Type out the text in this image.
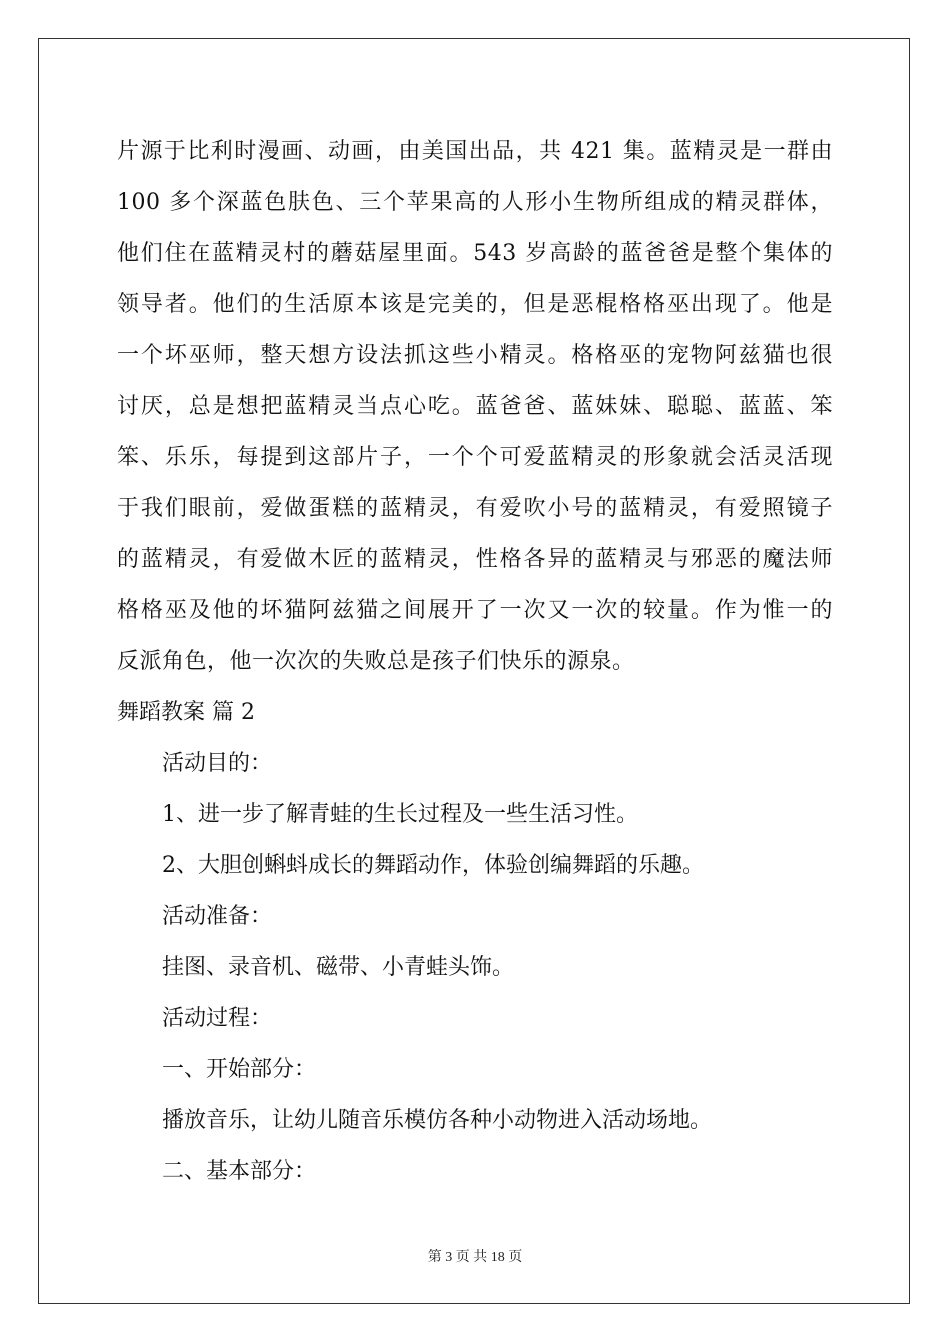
片源于比利时漫画、动画，由美国出品，共 421 集。蓝精灵是一群由

100 多个深蓝色肤色、三个苹果高的人形小生物所组成的精灵群体，

他们住在蓝精灵村的蘑菇屋里面。543 岁高龄的蓝爸爸是整个集体的

领导者。他们的生活原本该是完美的，但是恶棍格格巫出现了。他是

一个坏巫师，整天想方设法抓这些小精灵。格格巫的宠物阿兹猫也很

讨厌，总是想把蓝精灵当点心吃。蓝爸爸、蓝妹妹、聪聪、蓝蓝、笨

笨、乐乐，每提到这部片子，一个个可爱蓝精灵的形象就会活灵活现

于我们眼前，爱做蛋糕的蓝精灵，有爱吹小号的蓝精灵，有爱照镜子

的蓝精灵，有爱做木匠的蓝精灵，性格各异的蓝精灵与邪恶的魔法师

格格巫及他的坏猫阿兹猫之间展开了一次又一次的较量。作为惟一的

反派角色，他一次次的失败总是孩子们快乐的源泉。

舞蹈教案 篇 2

活动目的：

1、进一步了解青蛙的生长过程及一些生活习性。

2、大胆创蝌蚪成长的舞蹈动作，体验创编舞蹈的乐趣。

活动准备：

挂图、录音机、磁带、小青蛙头饰。

活动过程：

一、开始部分：

播放音乐，让幼儿随音乐模仿各种小动物进入活动场地。

二、基本部分：

第 3 页 共 18 页
